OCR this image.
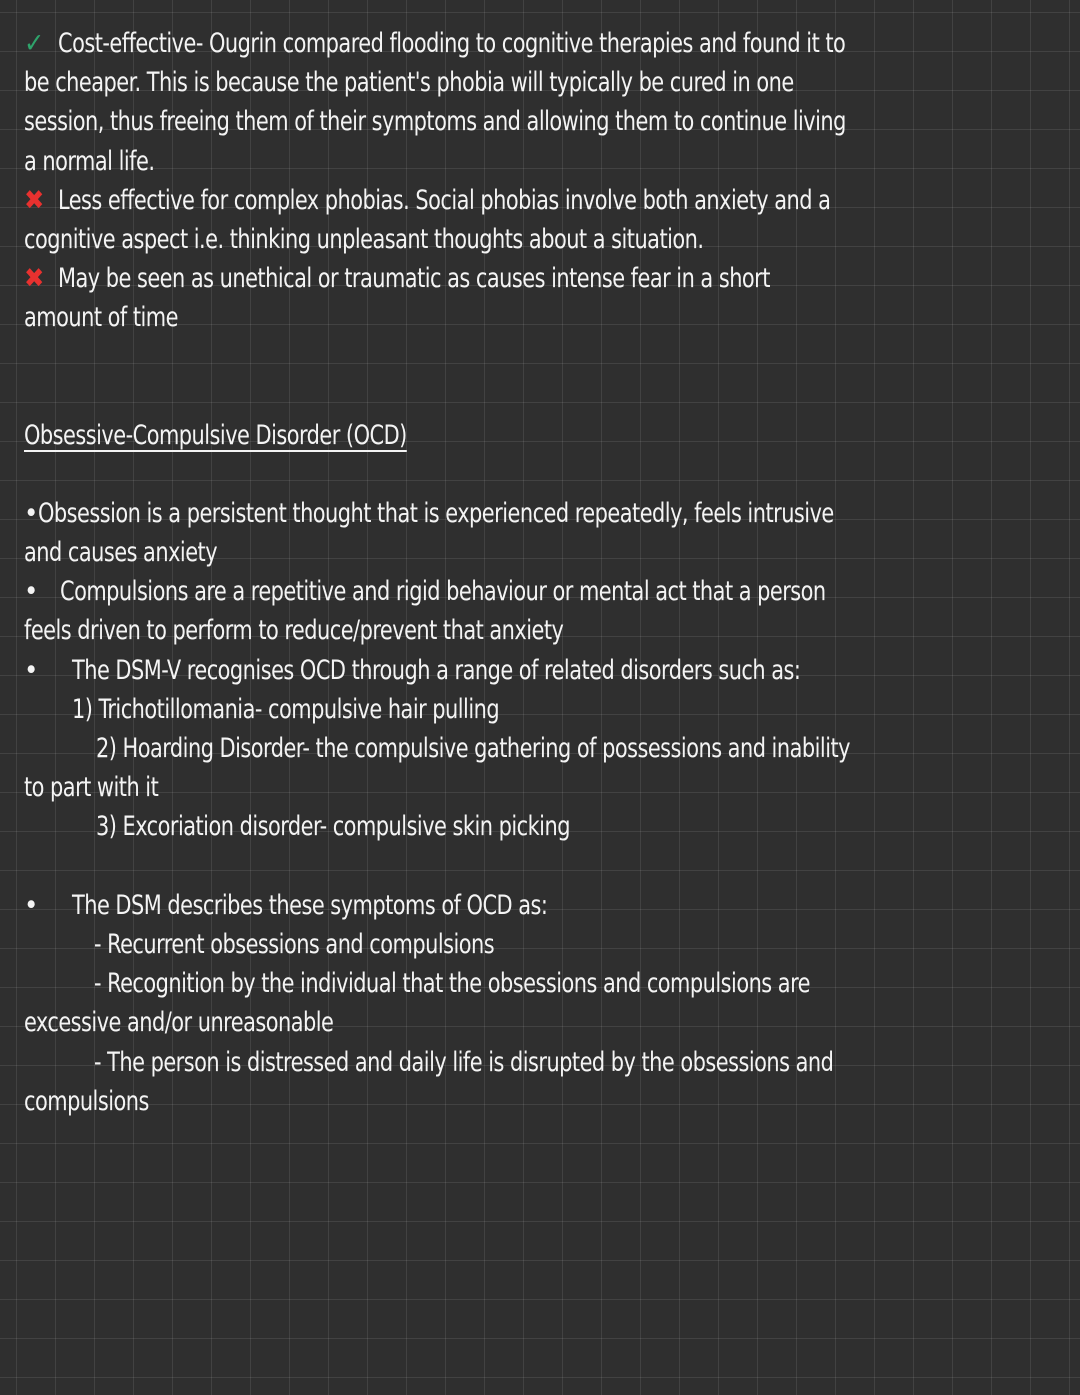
✓ Cost-effective- Ougrin compared flooding to cognitive therapies and found it to
be cheaper. This is because the patient's phobia will typically be cured in one
session, thus freeing them of their symptoms and allowing them to continue living
a normal life.
✖ Less effective for complex phobias. Social phobias involve both anxiety and a
cognitive aspect i.e. thinking unpleasant thoughts about a situation.
✖ May be seen as unethical or traumatic as causes intense fear in a short
amount of time
Obsessive-Compulsive Disorder (OCD)
•Obsession is a persistent thought that is experienced repeatedly, feels intrusive
and causes anxiety
• Compulsions are a repetitive and rigid behaviour or mental act that a person
feels driven to perform to reduce/prevent that anxiety
• The DSM-V recognises OCD through a range of related disorders such as:
1) Trichotillomania- compulsive hair pulling
2) Hoarding Disorder- the compulsive gathering of possessions and inability
to part with it
3) Excoriation disorder- compulsive skin picking
• The DSM describes these symptoms of OCD as:
- Recurrent obsessions and compulsions
- Recognition by the individual that the obsessions and compulsions are
excessive and/or unreasonable
- The person is distressed and daily life is disrupted by the obsessions and
compulsions
